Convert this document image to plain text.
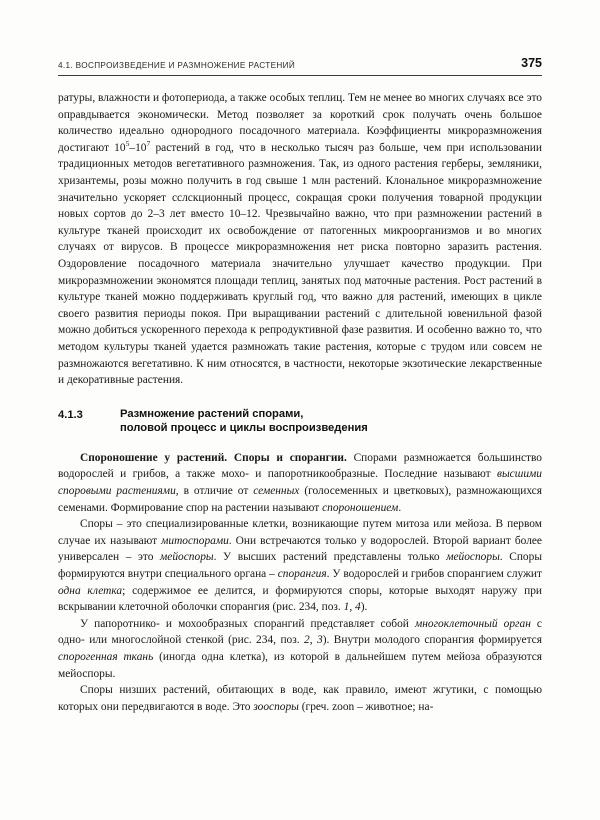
4.1. ВОСПРОИЗВЕДЕНИЕ И РАЗМНОЖЕНИЕ РАСТЕНИЙ	375

ратуры, влажности и фотопериода, а также особых теплиц. Тем не менее во многих случаях все это оправдывается экономически. Метод позволяет за короткий срок получать очень большое количество идеально однородного посадочного материала. Коэффициенты микроразмножения достигают $10^5-10^7$ растений в год, что в несколько тысяч раз больше, чем при использовании традиционных методов вегетативного размножения. Так, из одного растения герберы, земляники, хризантемы, розы можно получить в год свыше 1 млн растений. Клональное микроразмножение значительно ускоряет сслскционный процесс, сокращая сроки получения товарной продукции новых сортов до 2–3 лет вместо 10–12. Чрезвычайно важно, что при размножении растений в культуре тканей происходит их освобождение от патогенных микроорганизмов и во многих случаях от вирусов. В процессе микроразмножения нет риска повторно заразить растения. Оздоровление посадочного материала значительно улучшает качество продукции. При микроразмножении экономятся площади теплиц, занятых под маточные растения. Рост растений в культуре тканей можно поддерживать круглый год, что важно для растений, имеющих в цикле своего развития периоды покоя. При выращивании растений с длительной ювенильной фазой можно добиться ускоренного перехода к репродуктивной фазе развития. И особенно важно то, что методом культуры тканей удается размножать такие растения, которые с трудом или совсем не размножаются вегетативно. К ним относятся, в частности, некоторые экзотические лекарственные и декоративные растения.

4.1.3	Размножение растений спорами,
половой процесс и циклы воспроизведения

Спороношение у растений. Споры и спорангии. Спорами размножается большинство водорослей и грибов, а также мохо- и папоротникообразные. Последние называют высшими споровыми растениями, в отличие от семенных (голосеменных и цветковых), размножающихся семенами. Формирование спор на растении называют спороношением.

Споры – это специализированные клетки, возникающие путем митоза или мейоза. В первом случае их называют митоспорами. Они встречаются только у водорослей. Второй вариант более универсален – это мейоспоры. У высших растений представлены только мейоспоры. Споры формируются внутри специального органа – спорангия. У водорослей и грибов спорангием служит одна клетка; содержимое ее делится, и формируются споры, которые выходят наружу при вскрывании клеточной оболочки спорангия (рис. 234, поз. 1, 4).

У папоротнико- и мохообразных спорангий представляет собой многоклеточный орган с одно- или многослойной стенкой (рис. 234, поз. 2, 3). Внутри молодого спорангия формируется спорогенная ткань (иногда одна клетка), из которой в дальнейшем путем мейоза образуются мейоспоры.

Споры низших растений, обитающих в воде, как правило, имеют жгутики, с помощью которых они передвигаются в воде. Это зооспоры (греч. zoon – животное; на-
